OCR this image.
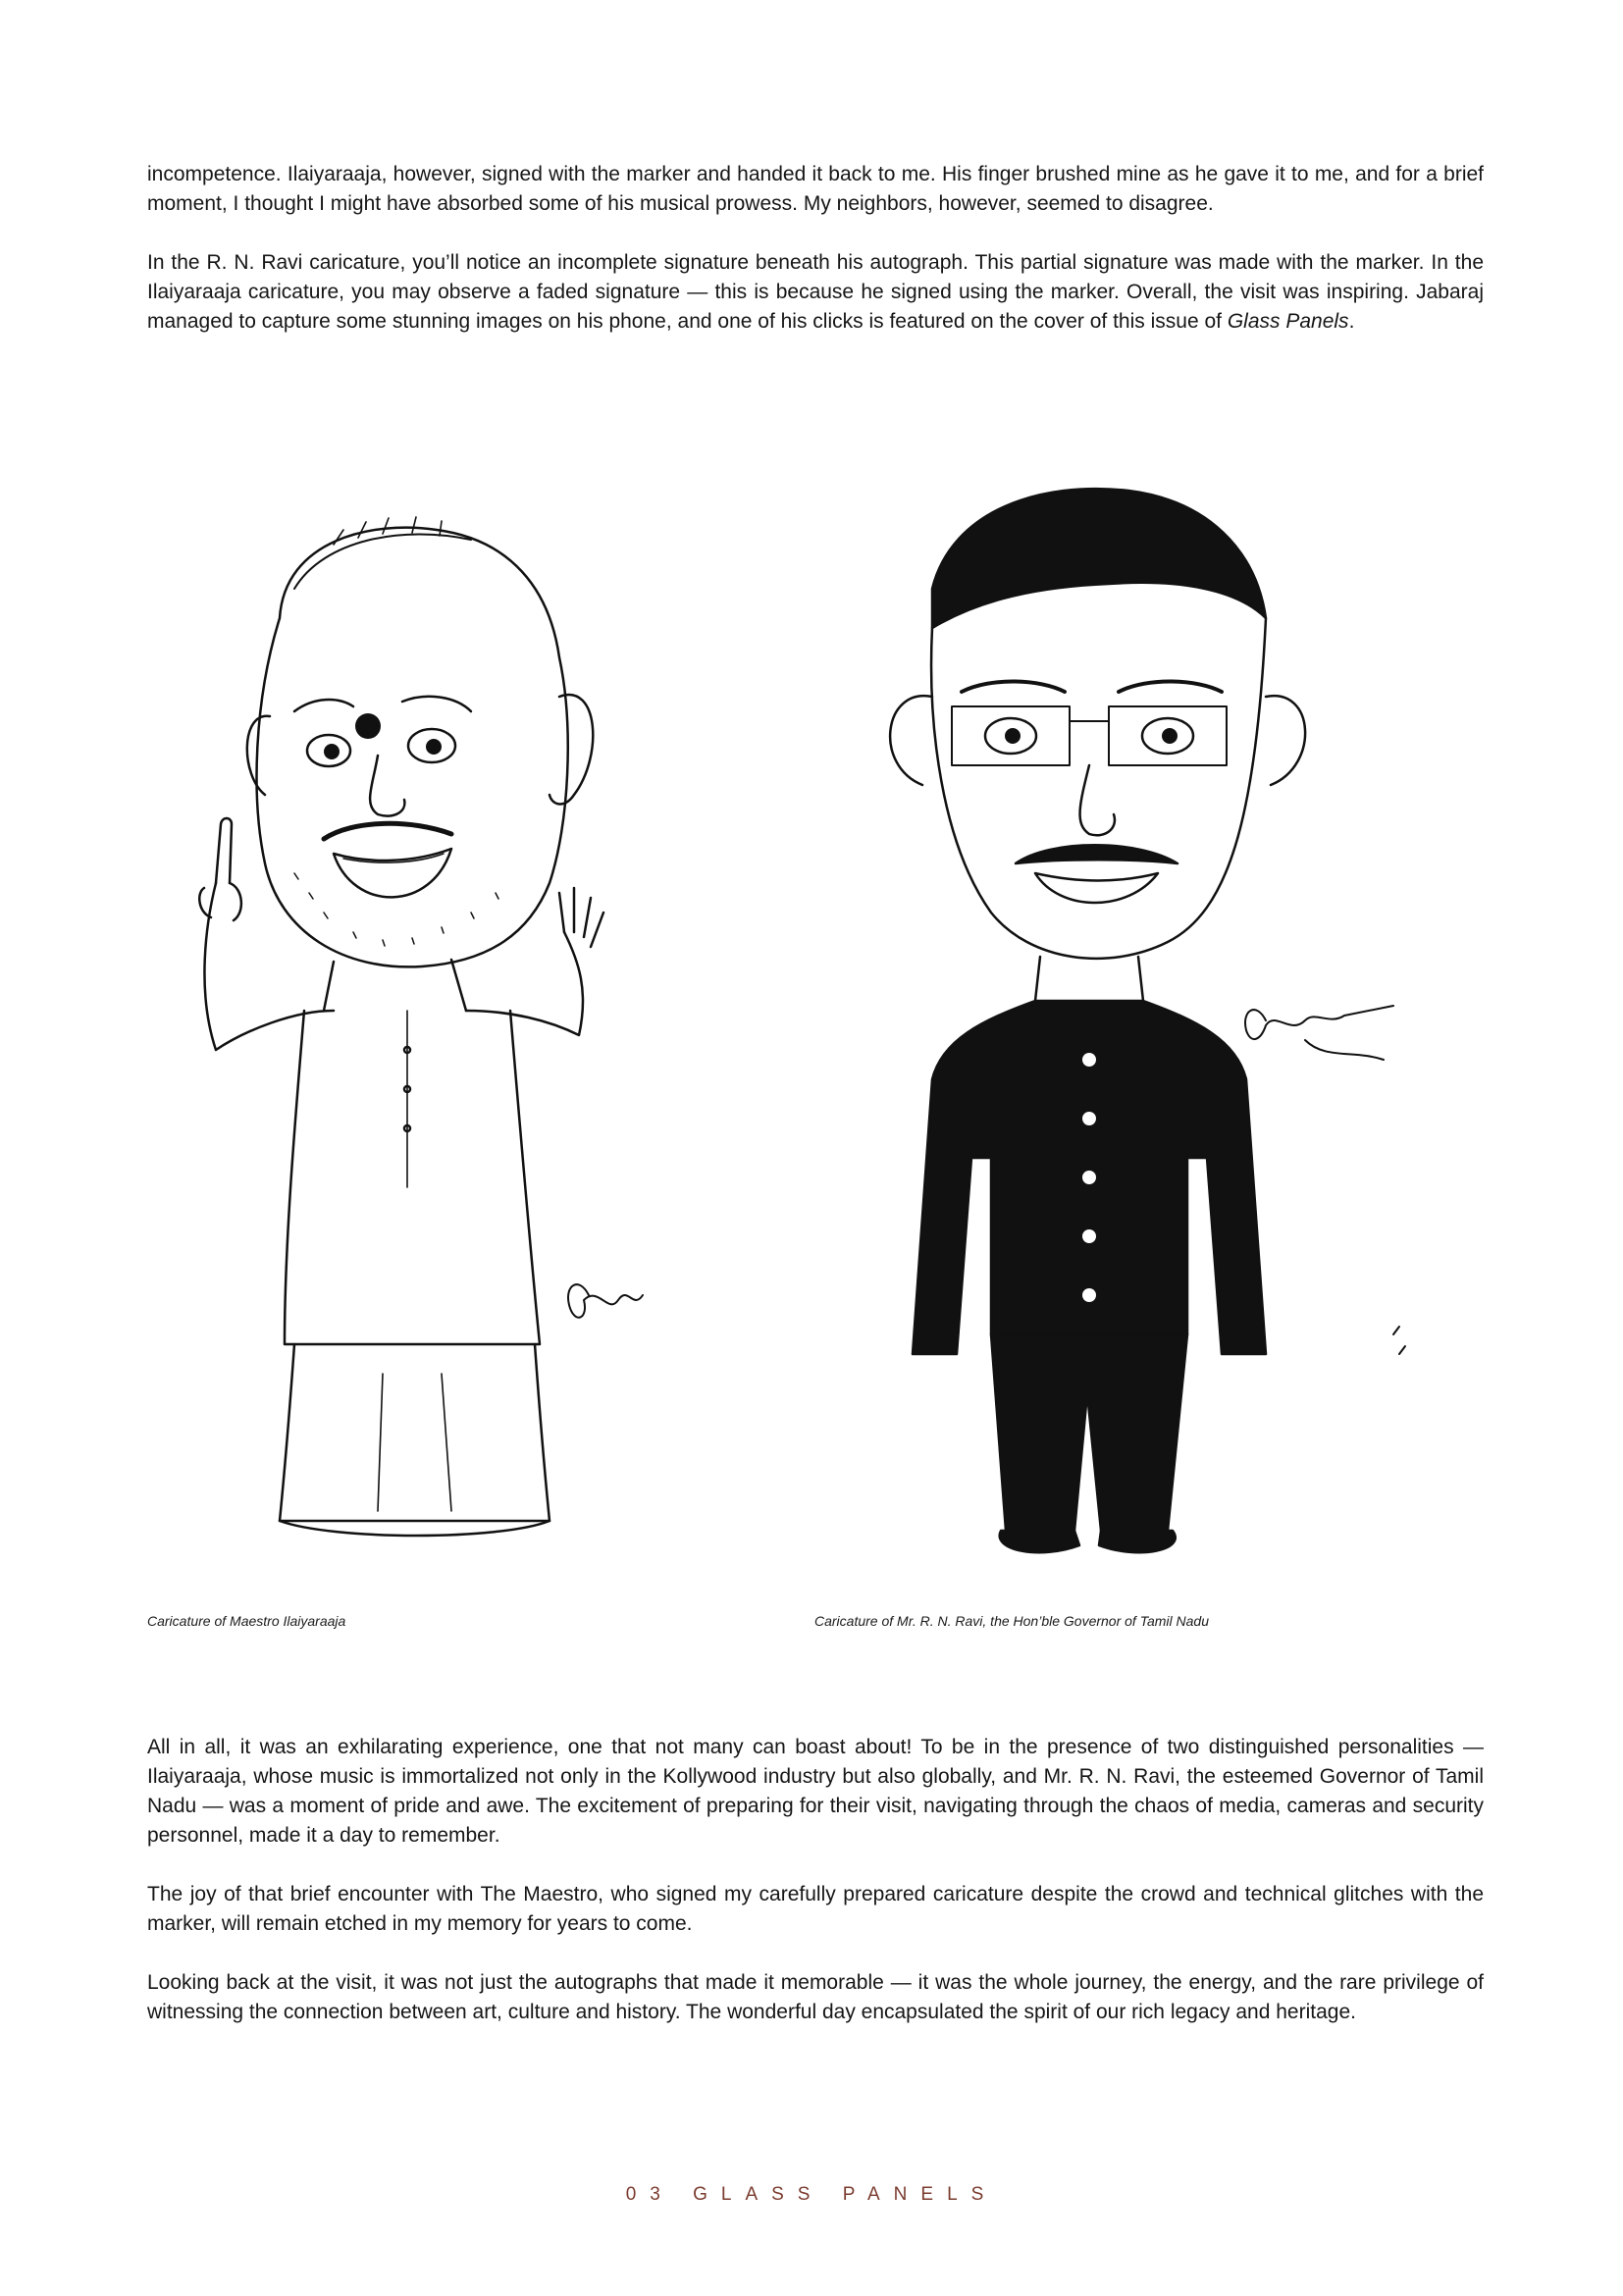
incompetence. Ilaiyaraaja, however, signed with the marker and handed it back to me. His finger brushed mine as he gave it to me, and for a brief moment, I thought I might have absorbed some of his musical prowess. My neighbors, however, seemed to disagree.

In the R. N. Ravi caricature, you’ll notice an incomplete signature beneath his autograph. This partial signature was made with the marker. In the Ilaiyaraaja caricature, you may observe a faded signature — this is because he signed using the marker. Overall, the visit was inspiring. Jabaraj managed to capture some stunning images on his phone, and one of his clicks is featured on the cover of this issue of Glass Panels.

Caricature of Maestro Ilaiyaraaja	Caricature of Mr. R. N. Ravi, the Hon’ble Governor of Tamil Nadu

All in all, it was an exhilarating experience, one that not many can boast about! To be in the presence of two distinguished personalities — Ilaiyaraaja, whose music is immortalized not only in the Kollywood industry but also globally, and Mr. R. N. Ravi, the esteemed Governor of Tamil Nadu — was a moment of pride and awe. The excitement of preparing for their visit, navigating through the chaos of media, cameras and security personnel, made it a day to remember.

The joy of that brief encounter with The Maestro, who signed my carefully prepared caricature despite the crowd and technical glitches with the marker, will remain etched in my memory for years to come.

Looking back at the visit, it was not just the autographs that made it memorable — it was the whole journey, the energy, and the rare privilege of witnessing the connection between art, culture and history. The wonderful day encapsulated the spirit of our rich legacy and heritage.

03 GLASS PANELS
